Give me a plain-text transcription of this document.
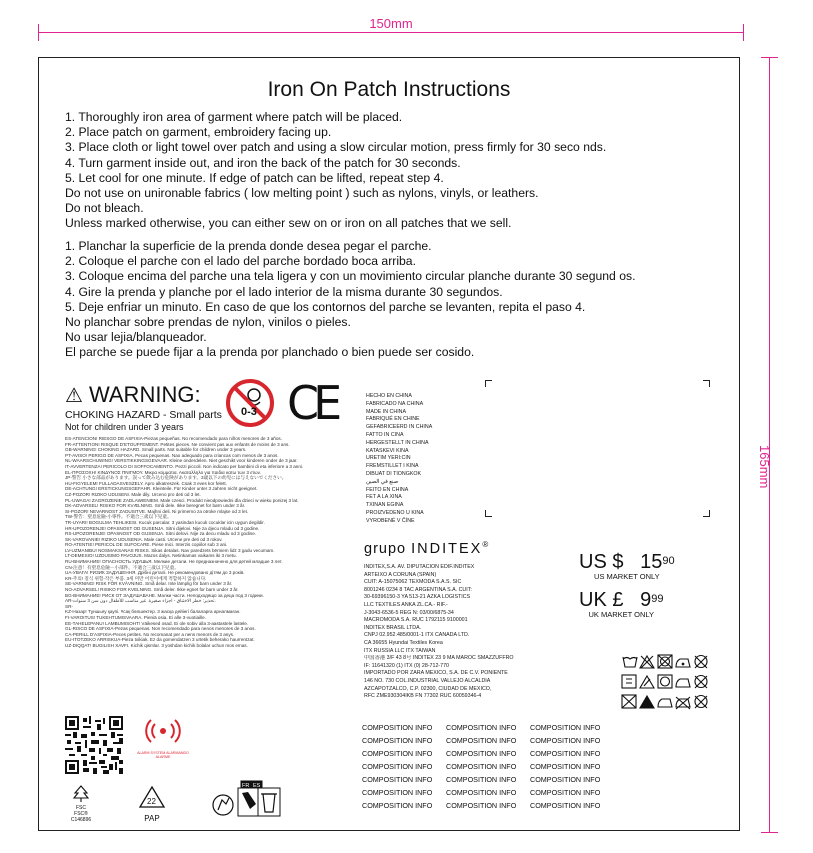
150mm
165mm
Iron On Patch Instructions
1. Thoroughly iron area of garment where patch will be placed.
2. Place patch on garment, embroidery facing up.
3. Place cloth or light towel over patch and using a slow circular motion, press firmly for 30 seco nds.
4. Turn garment inside out, and iron the back of the patch for 30 seconds.
5. Let cool for one minute. If edge of patch can be lifted, repeat step 4.
Do not use on unironable fabrics ( low melting point ) such as nylons, vinyls, or leathers.
Do not bleach.
Unless marked otherwise, you can either sew on or iron on all patches that we sell.
1. Planchar la superficie de la prenda donde desea pegar el parche.
2. Coloque el parche con el lado del parche bordado boca arriba.
3. Coloque encima del parche una tela ligera y con un movimiento circular planche durante 30 segund os.
4. Gire la prenda y planche por el lado interior de la misma durante 30 segundos.
5. Deje enfriar un minuto. En caso de que los contornos del parche se levanten, repita el paso 4.
No planchar sobre prendas de nylon, vinilos o pieles.
No usar lejia/blanqueador.
El parche se puede fijar a la prenda por planchado o bien puede ser cosido.
⚠ WARNING:
CHOKING HAZARD - Small parts
Not for children under 3 years
ES-ATENCION! RIESGO DE ASFIXIA-Piezas pequeñas. No recomendado para niños menores de 3 años.
FR-ATTENTION! RISQUE D'ETOUFFEMENT. Petites pieces. Ne convient pas aux enfants de moins de 3 ans.
GB-WARNING! CHOKING HAZARD. Small parts. Not suitable for children under 3 years.
PT-AVISO! PERIGO DE ASFIXIA. Pecas pequenas. Nao adequado para criancas com menos de 3 anos.
NL-WAARSCHUWING! VERSTIKKINGSGEVAAR. Kleine onderdelen. Niet geschikt voor kinderen onder de 3 jaar.
IT-AVVERTENZA! PERICOLO DI SOFFOCAMENTO. Pezzi piccoli. Non indicato per bambini di eta inferiore a 3 anni.
EL-ΠΡΟΣΟΧΗ! ΚΙΝΔΥΝΟΣ ΠΝΙΓΜΟΥ. Μικρα κομματια. Ακαταλληλο για παιδια κατω των 3 ετων.
JP-警告 小さな部品があります。誤って飲み込む危険があります。3歳以下の幼児には与えないでください。
HU-FIGYELEM! FULLADASVESZELY. Apro alkatreszek. Csak 3 eves kor felett.
DE-ACHTUNG! ERSTICKUNGSGEFAHR. Kleinteile. Für Kinder unter 3 Jahren nicht geeignet.
CZ-POZOR! RIZIKO UDUSENI. Male dily. Urceno pro deti od 3 let.
PL-UWAGA! ZAGROZENIE ZADLAWIENIEM. Male czesci. Produkt nieodpowiedni dla dzieci w wieku ponizej 3 lat.
DK-ADVARSEL! RISIKO FOR KVÆLNING. Små dele. Ikke beregnet for børn under 3 år.
SI-POZOR! NEVARNOST ZADUSITVE. Majhni deli. Ni primerno za otroke mlajse od 3 let.
TW-警告：窒息危險-小零件。不適合三歲以下兒童。
TR-UYARI! BOGULMA TEHLIKESI. Kucuk parcalar. 3 yasindan kucuk cocuklar icin uygun degildir.
HR-UPOZORENJE! OPASNOST OD GUSENJA. Sitni dijelovi. Nije za djecu mladu od 3 godine.
RS-UPOZORENJE! OPASNOST OD GUSENJA. Sitni delovi. Nije za decu mladu od 3 godine.
SK-VAROVANIE! RIZIKO UDUSENIA. Male casti. Urcene pre deti od 3 rokov.
RO-ATENTIE! PERICOL DE SUFOCARE. Piese mici. Interzis copiilor sub 3 ani.
LV-UZMANIBU! NOSMAKSANAS RISKS. Sikas detalas. Nav paredzets bērniem lidz 3 gadu vecumam.
LT-DEMESIO! UZDUSIMO PAVOJUS. Mazos dalys. Netinkamas vaikams iki 3 metu.
RU-ВНИМАНИЕ! ОПАСНОСТЬ УДУШЬЯ. Мелкие детали. Не предназначено для детей младше 3 лет.
CN-注意！有窒息危險－小部件。不適合三歲以下兒童。
UA-УВАГА! РИЗИК ЗАДУШЕННЯ. Дрібні деталі. Не рекомендовано дітям до 3 років.
KR-주의! 질식 위험-작은 부품. 3세 미만 어린이에게 적합하지 않습니다.
SE-VARNING! RISK FÖR KVÄVNING. Små delar. Inte lämplig för barn under 3 år.
NO-ADVARSEL! RISIKO FOR KVELNING. Små deler. Ikke egnet for barn under 3 år.
BG-ВНИМАНИЕ! РИСК ОТ ЗАДУШАВАНЕ. Малки части. Неподходящо за деца под 3 години.
AR-تحذير: خطر الاختناق - أجزاء صغيرة. غير مناسب للأطفال دون سن 3 سنوات.
SR-
KZ-Назар! Тұншығу қаупі. Ұсақ бөлшектер. 3 жасқа дейінгі балаларға арналмаған.
FI-VAROITUS! TUKEHTUMISVAARA. Pieniä osia. Ei alle 3-vuotiaille.
EE-TAHELEPANU! LAMBUMISOHT! Väikesed osad. Ei ole sobiv alla 3-aastastele lastele.
GL-RISCO DE ASFIXIA-Pezas pequenas. Non recomendado para nenos menores de 3 anos.
CA-PERILL D'ASFIXIA-Peces petites. No recomanat per a nens menors de 3 anys.
EU-ITOTZEKO ARRISKUA-Pieza txikiak. Ez da gomendatzen 3 urtetik beherako haurrentzat.
UZ-DIQQAT! BUGILISH XAVFI. Kichik qismlar. 3 yoshdan kichik bolalar uchun mos emas.
0-3 CE	HECHO EN CHINA
FABRICADO NA CHINA
MADE IN CHINA
FABRIQUÉ EN CHINE
GEFABRICEERD IN CHINA
FATTO IN CINA
HERGESTELLT IN CHINA
KATASKEVI KINA
URETIM YERI:CIN
FREMSTILLET I KINA
DIBUAT DI TIONGKOK
صنع في الصين
FEITO EN CHINA
FET A LA XINA
TXINAN EGINA
PROIZVEDENO U KINA
VYROBENÉ V ČÍNE
grupo INDITEX®
INDITEX,S.A. AV. DIPUTACION EDIF.INDITEX
ARTEIXO A CORUÑA (SPAIN)
CUIT: A-15075062 TEXMODA S.A.S. SIC
8001246 0234 8 TAC ARGENTINA S.A. CUIT:
30-69396150-3 YA 513-21 AZKA LOGISTICS
LLC TEXTILES ANKA ZL.CA.- RIF.-
J-3043-6536-5 REG N: 03/00/6875-34
MACROMODA S.A. RUC 1792115 9100001
INDITEX BRASIL LTDA.
CNPJ 02.952.485/0001-1 ITX CANADA LTD.
CA 36655 Hyundai Textiles Korea
ITX RUSSIA LLC ITX TAIWAN
中国香港 3/F 43 8号 INDITEX 23 9 MA MAROC SMAZZUFFRO
IF: 11641320 (1) ITX (0) 28-712-770
IMPORTADO POR ZARA MEXICO, S.A. DE C.V. PONIENTE
146 NO. 730 COL.INDUSTRIAL VALLEJO ALCALDIA
AZCAPOTZALCO, C.P. 02300, CIUDAD DE MEXICO,
RFC ZME930304IKB FN 77302 RUC 60059346-4
US $ $15^{90}$
US MARKET ONLY
UK £ $9^{99}$
UK MARKET ONLY
COMPOSITION INFO	COMPOSITION INFO	COMPOSITION INFO
COMPOSITION INFO	COMPOSITION INFO	COMPOSITION INFO
COMPOSITION INFO	COMPOSITION INFO	COMPOSITION INFO
COMPOSITION INFO	COMPOSITION INFO	COMPOSITION INFO
COMPOSITION INFO	COMPOSITION INFO	COMPOSITION INFO
COMPOSITION INFO	COMPOSITION INFO	COMPOSITION INFO
COMPOSITION INFO	COMPOSITION INFO	COMPOSITION INFO
ALARM SYSTEM ALARMANDO ALARME
FSC
FSC® C146896
22
PAP
FR ES
